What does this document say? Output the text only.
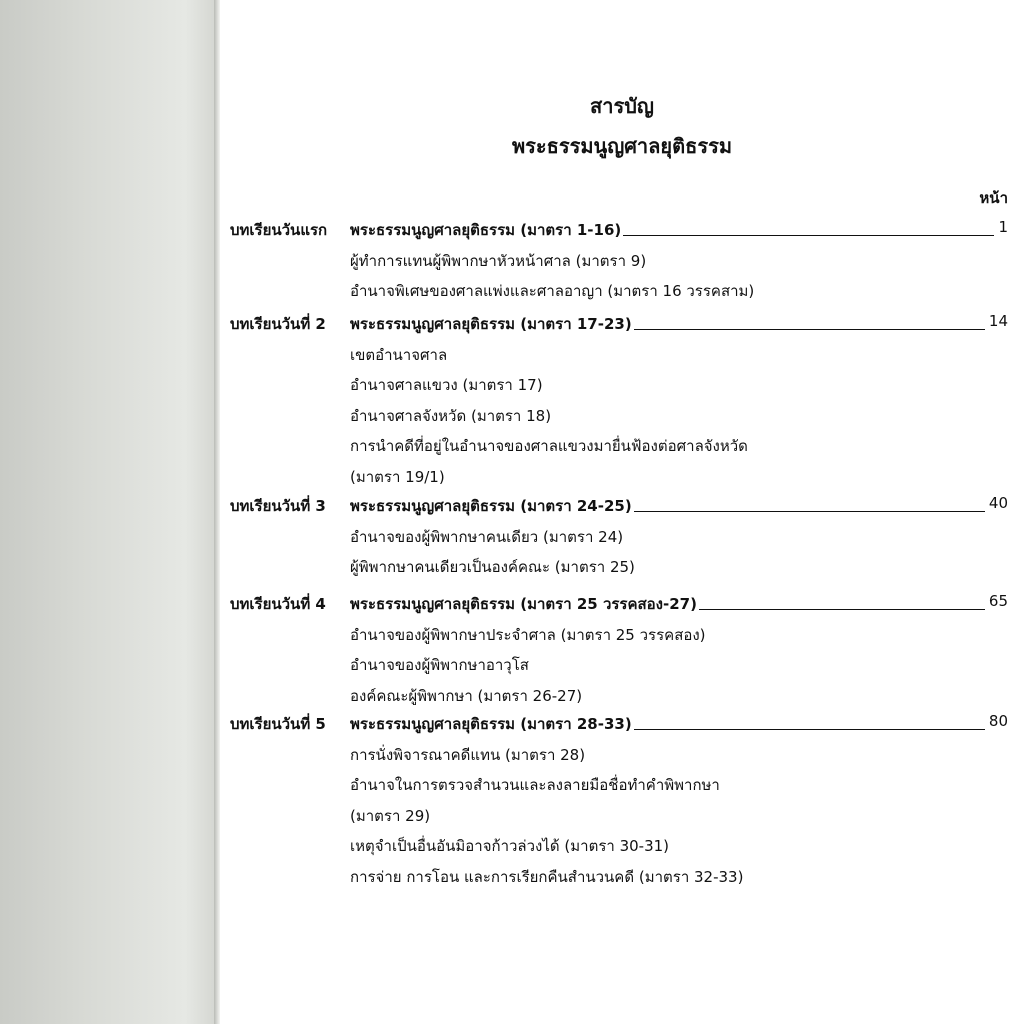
สารบัญ
พระธรรมนูญศาลยุติธรรม
หน้า
บทเรียนวันแรก พระธรรมนูญศาลยุติธรรม (มาตรา 1-16)	1
ผู้ทำการแทนผู้พิพากษาหัวหน้าศาล (มาตรา 9)
อำนาจพิเศษของศาลแพ่งและศาลอาญา (มาตรา 16 วรรคสาม)
บทเรียนวันที่ 2 พระธรรมนูญศาลยุติธรรม (มาตรา 17-23)	14
เขตอำนาจศาล
อำนาจศาลแขวง (มาตรา 17)
อำนาจศาลจังหวัด (มาตรา 18)
การนำคดีที่อยู่ในอำนาจของศาลแขวงมายื่นฟ้องต่อศาลจังหวัด
(มาตรา 19/1)
บทเรียนวันที่ 3 พระธรรมนูญศาลยุติธรรม (มาตรา 24-25)	40
อำนาจของผู้พิพากษาคนเดียว (มาตรา 24)
ผู้พิพากษาคนเดียวเป็นองค์คณะ (มาตรา 25)
บทเรียนวันที่ 4 พระธรรมนูญศาลยุติธรรม (มาตรา 25 วรรคสอง-27)	65
อำนาจของผู้พิพากษาประจำศาล (มาตรา 25 วรรคสอง)
อำนาจของผู้พิพากษาอาวุโส
องค์คณะผู้พิพากษา (มาตรา 26-27)
บทเรียนวันที่ 5 พระธรรมนูญศาลยุติธรรม (มาตรา 28-33)	80
การนั่งพิจารณาคดีแทน (มาตรา 28)
อำนาจในการตรวจสำนวนและลงลายมือชื่อทำคำพิพากษา
(มาตรา 29)
เหตุจำเป็นอื่นอันมิอาจก้าวล่วงได้ (มาตรา 30-31)
การจ่าย การโอน และการเรียกคืนสำนวนคดี (มาตรา 32-33)
